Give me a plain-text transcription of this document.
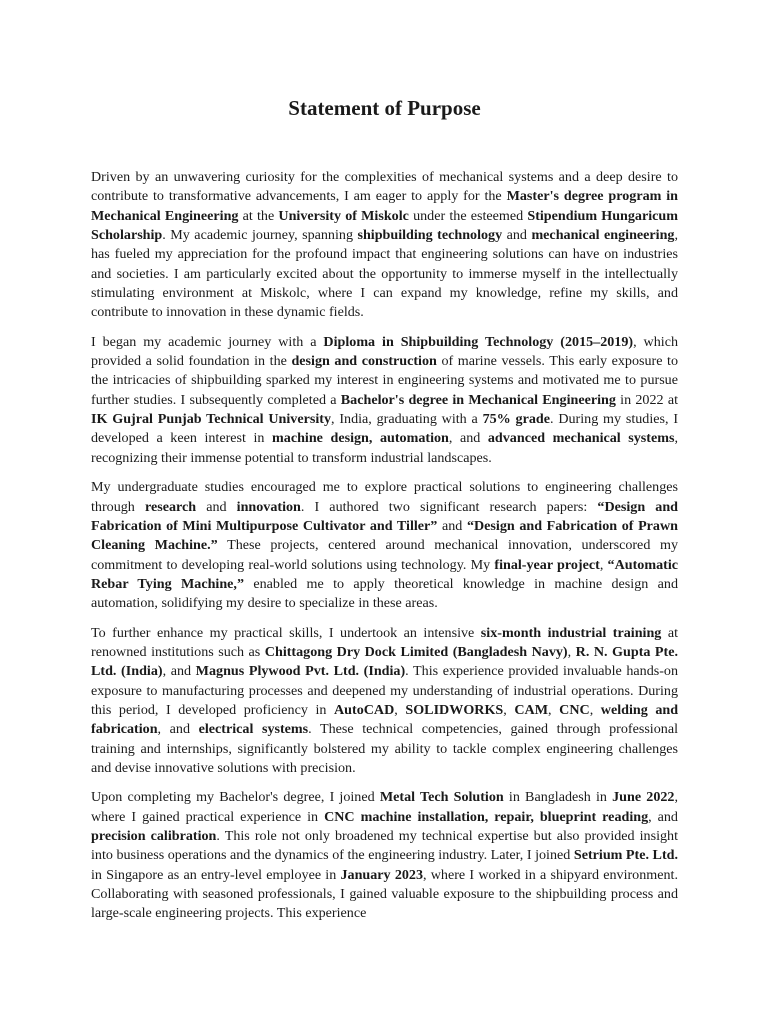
Statement of Purpose

Driven by an unwavering curiosity for the complexities of mechanical systems and a deep desire to contribute to transformative advancements, I am eager to apply for the Master's degree program in Mechanical Engineering at the University of Miskolc under the esteemed Stipendium Hungaricum Scholarship. My academic journey, spanning shipbuilding technology and mechanical engineering, has fueled my appreciation for the profound impact that engineering solutions can have on industries and societies. I am particularly excited about the opportunity to immerse myself in the intellectually stimulating environment at Miskolc, where I can expand my knowledge, refine my skills, and contribute to innovation in these dynamic fields.

I began my academic journey with a Diploma in Shipbuilding Technology (2015–2019), which provided a solid foundation in the design and construction of marine vessels. This early exposure to the intricacies of shipbuilding sparked my interest in engineering systems and motivated me to pursue further studies. I subsequently completed a Bachelor's degree in Mechanical Engineering in 2022 at IK Gujral Punjab Technical University, India, graduating with a 75% grade. During my studies, I developed a keen interest in machine design, automation, and advanced mechanical systems, recognizing their immense potential to transform industrial landscapes.

My undergraduate studies encouraged me to explore practical solutions to engineering challenges through research and innovation. I authored two significant research papers: “Design and Fabrication of Mini Multipurpose Cultivator and Tiller” and “Design and Fabrication of Prawn Cleaning Machine.” These projects, centered around mechanical innovation, underscored my commitment to developing real-world solutions using technology. My final-year project, “Automatic Rebar Tying Machine,” enabled me to apply theoretical knowledge in machine design and automation, solidifying my desire to specialize in these areas.

To further enhance my practical skills, I undertook an intensive six-month industrial training at renowned institutions such as Chittagong Dry Dock Limited (Bangladesh Navy), R. N. Gupta Pte. Ltd. (India), and Magnus Plywood Pvt. Ltd. (India). This experience provided invaluable hands-on exposure to manufacturing processes and deepened my understanding of industrial operations. During this period, I developed proficiency in AutoCAD, SOLIDWORKS, CAM, CNC, welding and fabrication, and electrical systems. These technical competencies, gained through professional training and internships, significantly bolstered my ability to tackle complex engineering challenges and devise innovative solutions with precision.

Upon completing my Bachelor's degree, I joined Metal Tech Solution in Bangladesh in June 2022, where I gained practical experience in CNC machine installation, repair, blueprint reading, and precision calibration. This role not only broadened my technical expertise but also provided insight into business operations and the dynamics of the engineering industry. Later, I joined Setrium Pte. Ltd. in Singapore as an entry-level employee in January 2023, where I worked in a shipyard environment. Collaborating with seasoned professionals, I gained valuable exposure to the shipbuilding process and large-scale engineering projects. This experience
